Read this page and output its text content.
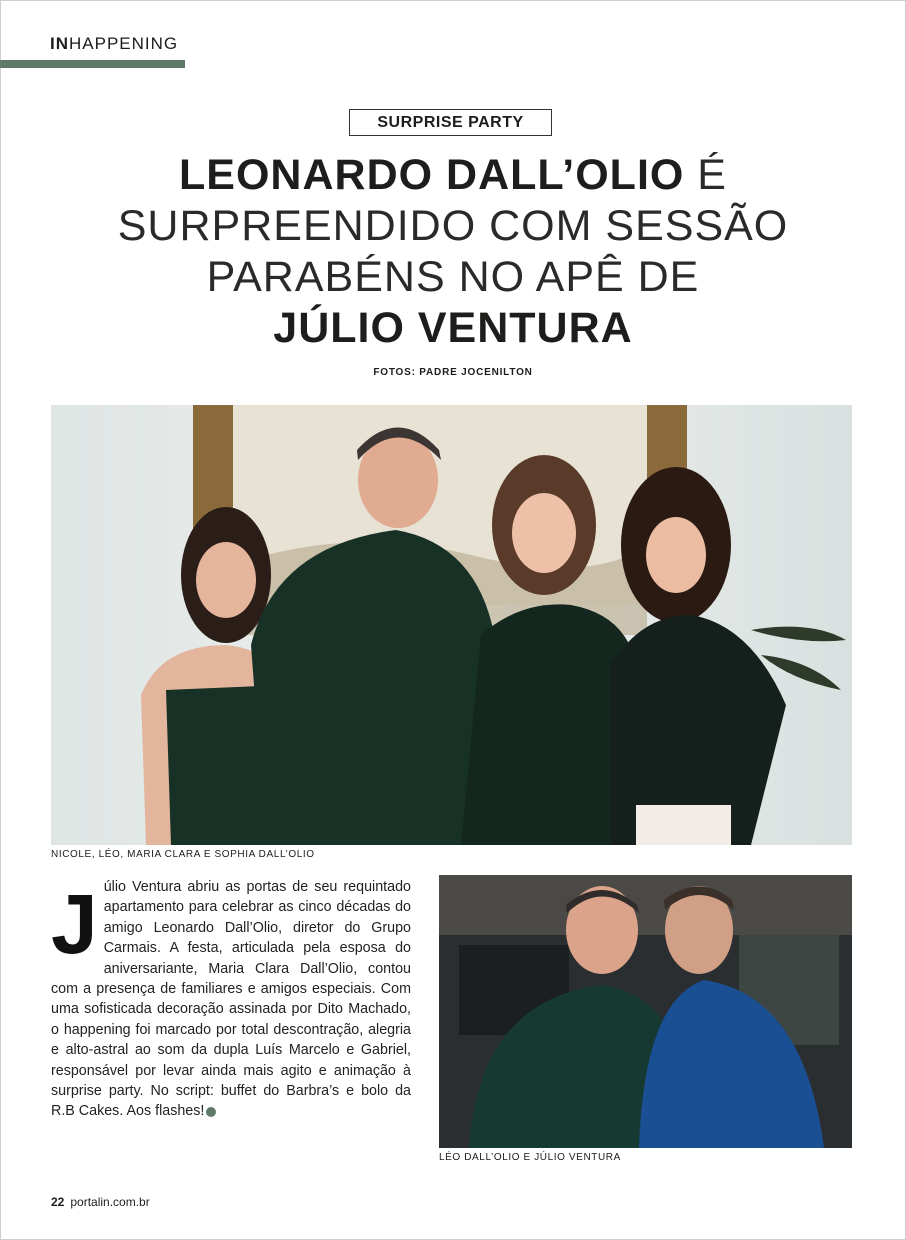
INHAPPENING
SURPRISE PARTY
LEONARDO DALL’OLIO É
SURPREENDIDO COM SESSÃO
PARABÉNS NO APÊ DE
JÚLIO VENTURA
FOTOS: PADRE JOCENILTON
NICOLE, LÉO, MARIA CLARA E SOPHIA DALL’OLIO
Júlio Ventura abriu as portas de seu requintado apartamento para celebrar as cinco décadas do amigo Leonardo Dall’Olio, diretor do Grupo Carmais. A festa, articulada pela esposa do aniversariante, Maria Clara Dall’Olio, contou com a presença de familiares e amigos especiais. Com uma sofisticada decoração assinada por Dito Machado, o happening foi marcado por total descontração, alegria e alto-astral ao som da dupla Luís Marcelo e Gabriel, responsável por levar ainda mais agito e animação à surprise party. No script: buffet do Barbra’s e bolo da R.B Cakes. Aos flashes!
LÉO DALL’OLIO E JÚLIO VENTURA
22 portalin.com.br
